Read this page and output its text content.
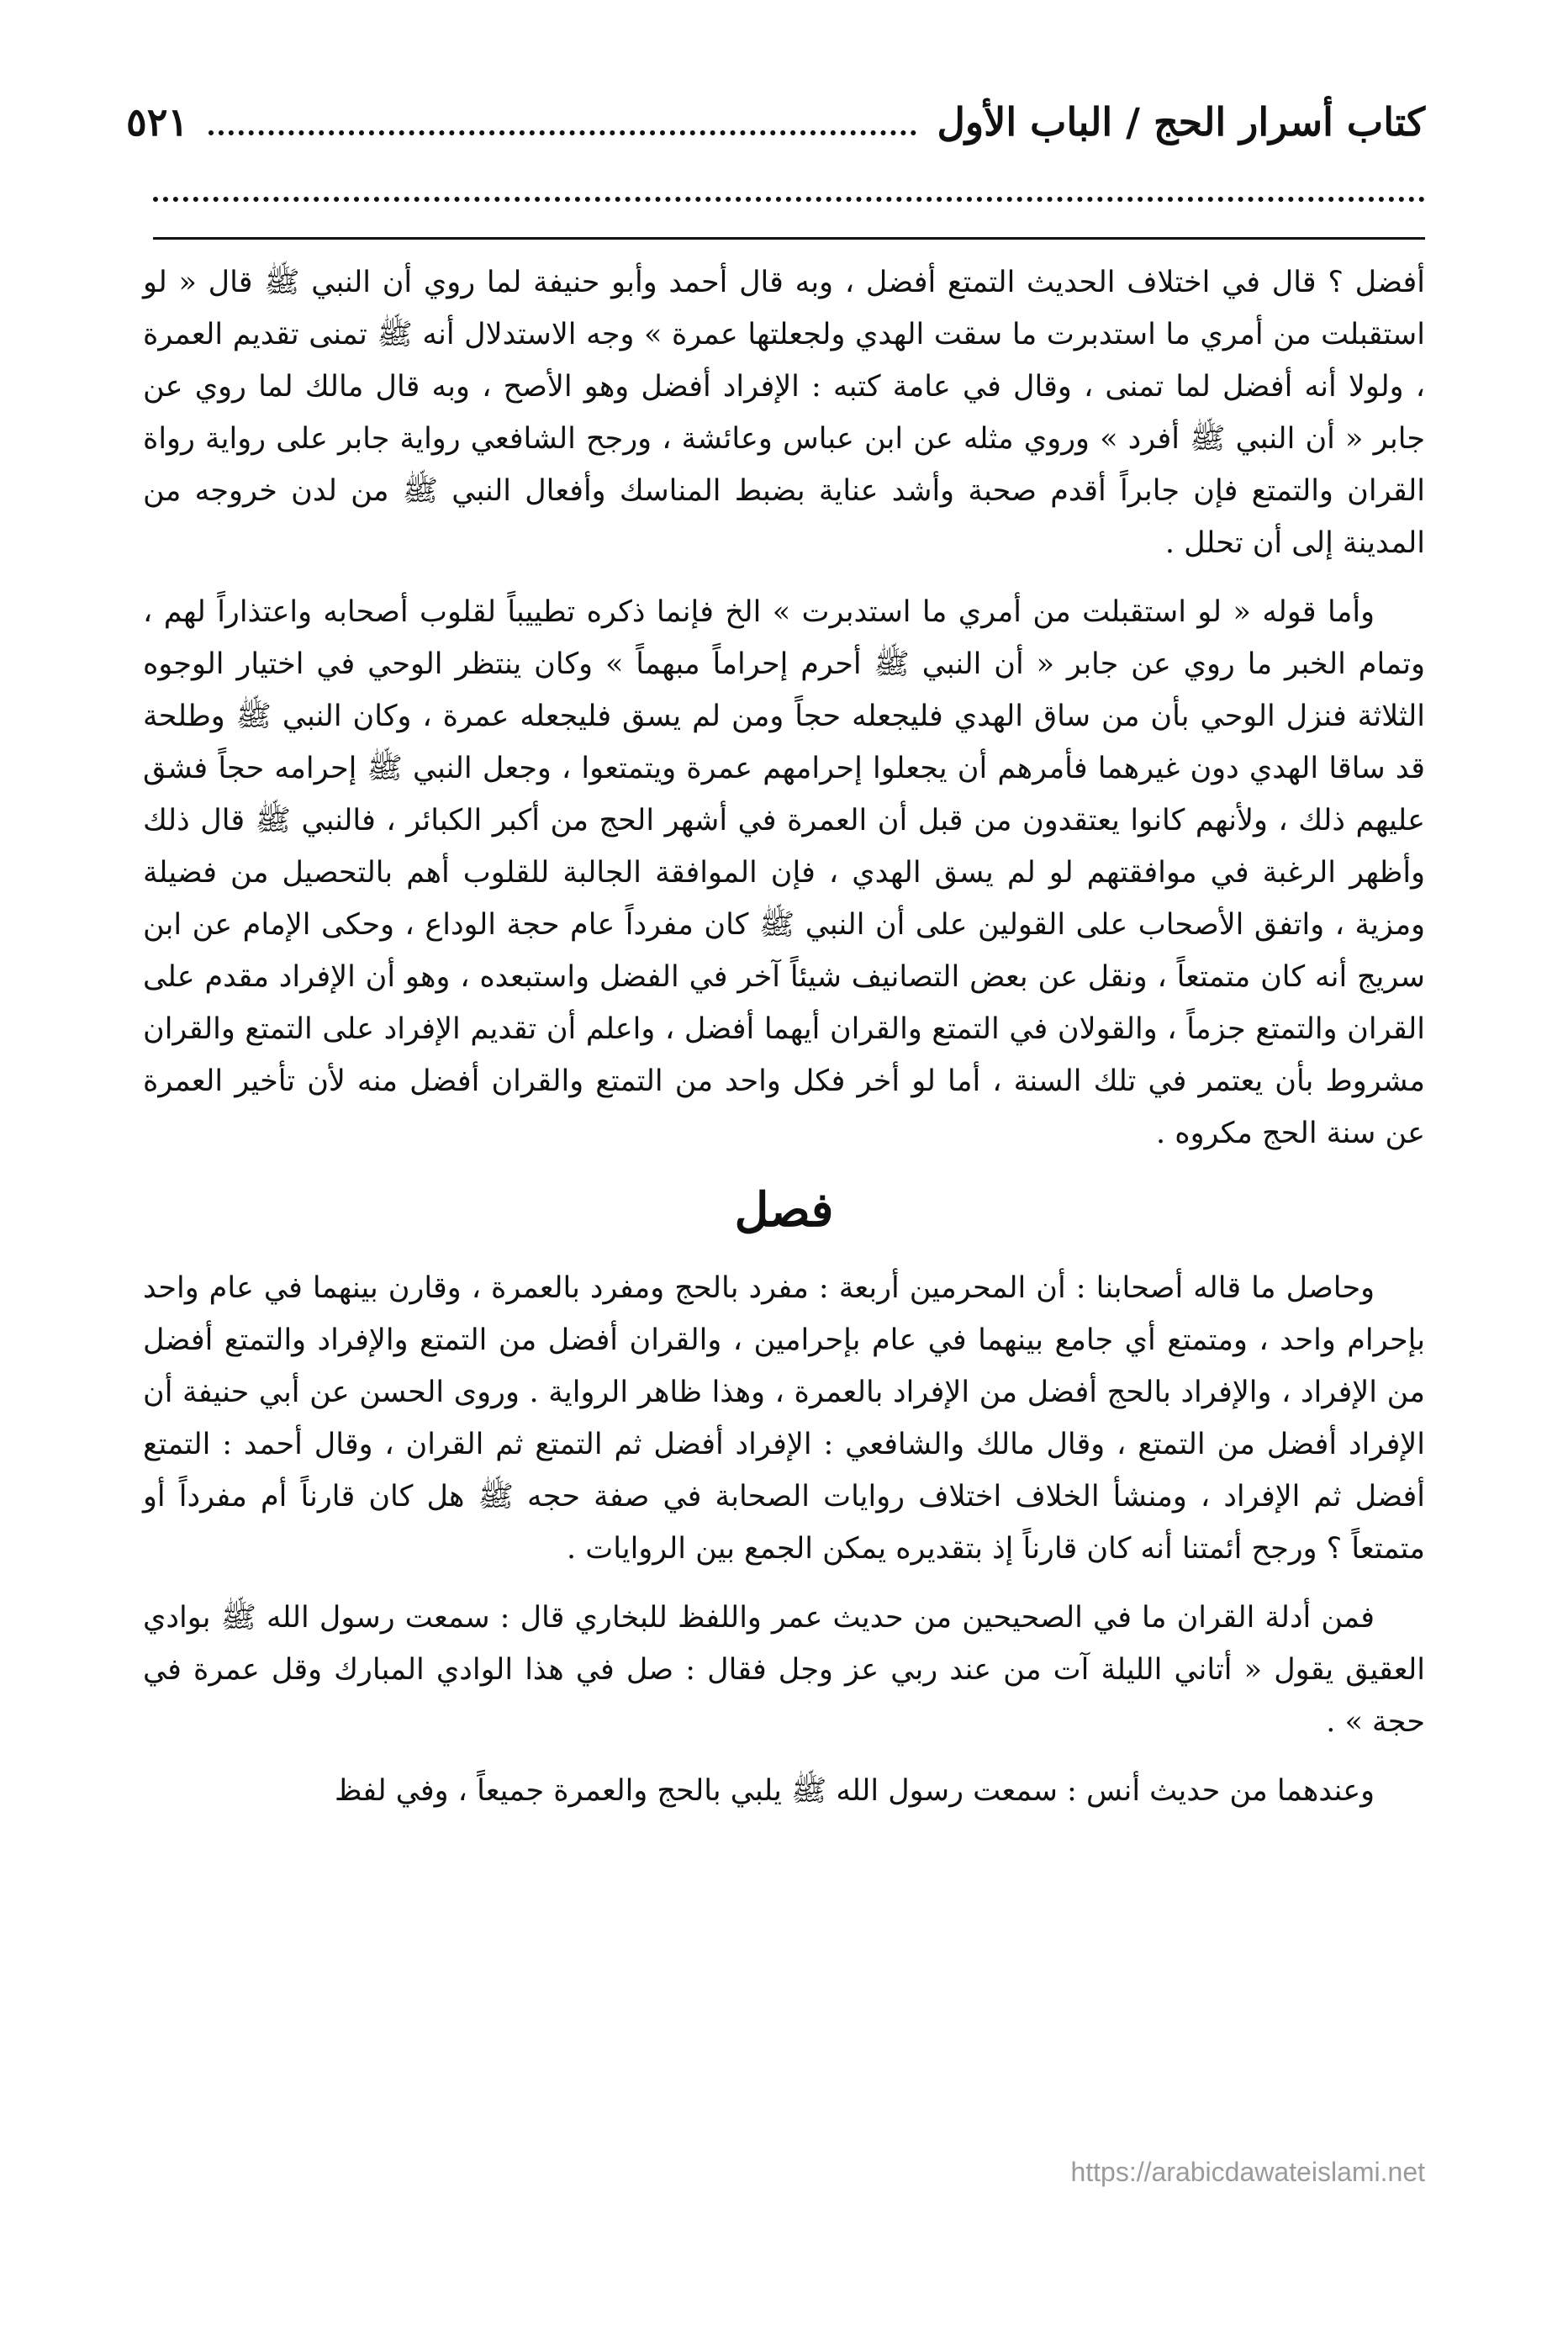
كتاب أسرار الحج / الباب الأول
٥٢١

أفضل ؟ قال في اختلاف الحديث التمتع أفضل ، وبه قال أحمد وأبو حنيفة لما روي أن النبي ﷺ قال « لو استقبلت من أمري ما استدبرت ما سقت الهدي ولجعلتها عمرة » وجه الاستدلال أنه ﷺ تمنى تقديم العمرة ، ولولا أنه أفضل لما تمنى ، وقال في عامة كتبه : الإفراد أفضل وهو الأصح ، وبه قال مالك لما روي عن جابر « أن النبي ﷺ أفرد » وروي مثله عن ابن عباس وعائشة ، ورجح الشافعي رواية جابر على رواية رواة القران والتمتع فإن جابراً أقدم صحبة وأشد عناية بضبط المناسك وأفعال النبي ﷺ من لدن خروجه من المدينة إلى أن تحلل .

وأما قوله « لو استقبلت من أمري ما استدبرت » الخ فإنما ذكره تطييباً لقلوب أصحابه واعتذاراً لهم ، وتمام الخبر ما روي عن جابر « أن النبي ﷺ أحرم إحراماً مبهماً » وكان ينتظر الوحي في اختيار الوجوه الثلاثة فنزل الوحي بأن من ساق الهدي فليجعله حجاً ومن لم يسق فليجعله عمرة ، وكان النبي ﷺ وطلحة قد ساقا الهدي دون غيرهما فأمرهم أن يجعلوا إحرامهم عمرة ويتمتعوا ، وجعل النبي ﷺ إحرامه حجاً فشق عليهم ذلك ، ولأنهم كانوا يعتقدون من قبل أن العمرة في أشهر الحج من أكبر الكبائر ، فالنبي ﷺ قال ذلك وأظهر الرغبة في موافقتهم لو لم يسق الهدي ، فإن الموافقة الجالبة للقلوب أهم بالتحصيل من فضيلة ومزية ، واتفق الأصحاب على القولين على أن النبي ﷺ كان مفرداً عام حجة الوداع ، وحكى الإمام عن ابن سريج أنه كان متمتعاً ، ونقل عن بعض التصانيف شيئاً آخر في الفضل واستبعده ، وهو أن الإفراد مقدم على القران والتمتع جزماً ، والقولان في التمتع والقران أيهما أفضل ، واعلم أن تقديم الإفراد على التمتع والقران مشروط بأن يعتمر في تلك السنة ، أما لو أخر فكل واحد من التمتع والقران أفضل منه لأن تأخير العمرة عن سنة الحج مكروه .

فصل

وحاصل ما قاله أصحابنا : أن المحرمين أربعة : مفرد بالحج ومفرد بالعمرة ، وقارن بينهما في عام واحد بإحرام واحد ، ومتمتع أي جامع بينهما في عام بإحرامين ، والقران أفضل من التمتع والإفراد والتمتع أفضل من الإفراد ، والإفراد بالحج أفضل من الإفراد بالعمرة ، وهذا ظاهر الرواية . وروى الحسن عن أبي حنيفة أن الإفراد أفضل من التمتع ، وقال مالك والشافعي : الإفراد أفضل ثم التمتع ثم القران ، وقال أحمد : التمتع أفضل ثم الإفراد ، ومنشأ الخلاف اختلاف روايات الصحابة في صفة حجه ﷺ هل كان قارناً أم مفرداً أو متمتعاً ؟ ورجح أئمتنا أنه كان قارناً إذ بتقديره يمكن الجمع بين الروايات .

فمن أدلة القران ما في الصحيحين من حديث عمر واللفظ للبخاري قال : سمعت رسول الله ﷺ بوادي العقيق يقول « أتاني الليلة آت من عند ربي عز وجل فقال : صل في هذا الوادي المبارك وقل عمرة في حجة » .

وعندهما من حديث أنس : سمعت رسول الله ﷺ يلبي بالحج والعمرة جميعاً ، وفي لفظ

https://arabicdawateislami.net
